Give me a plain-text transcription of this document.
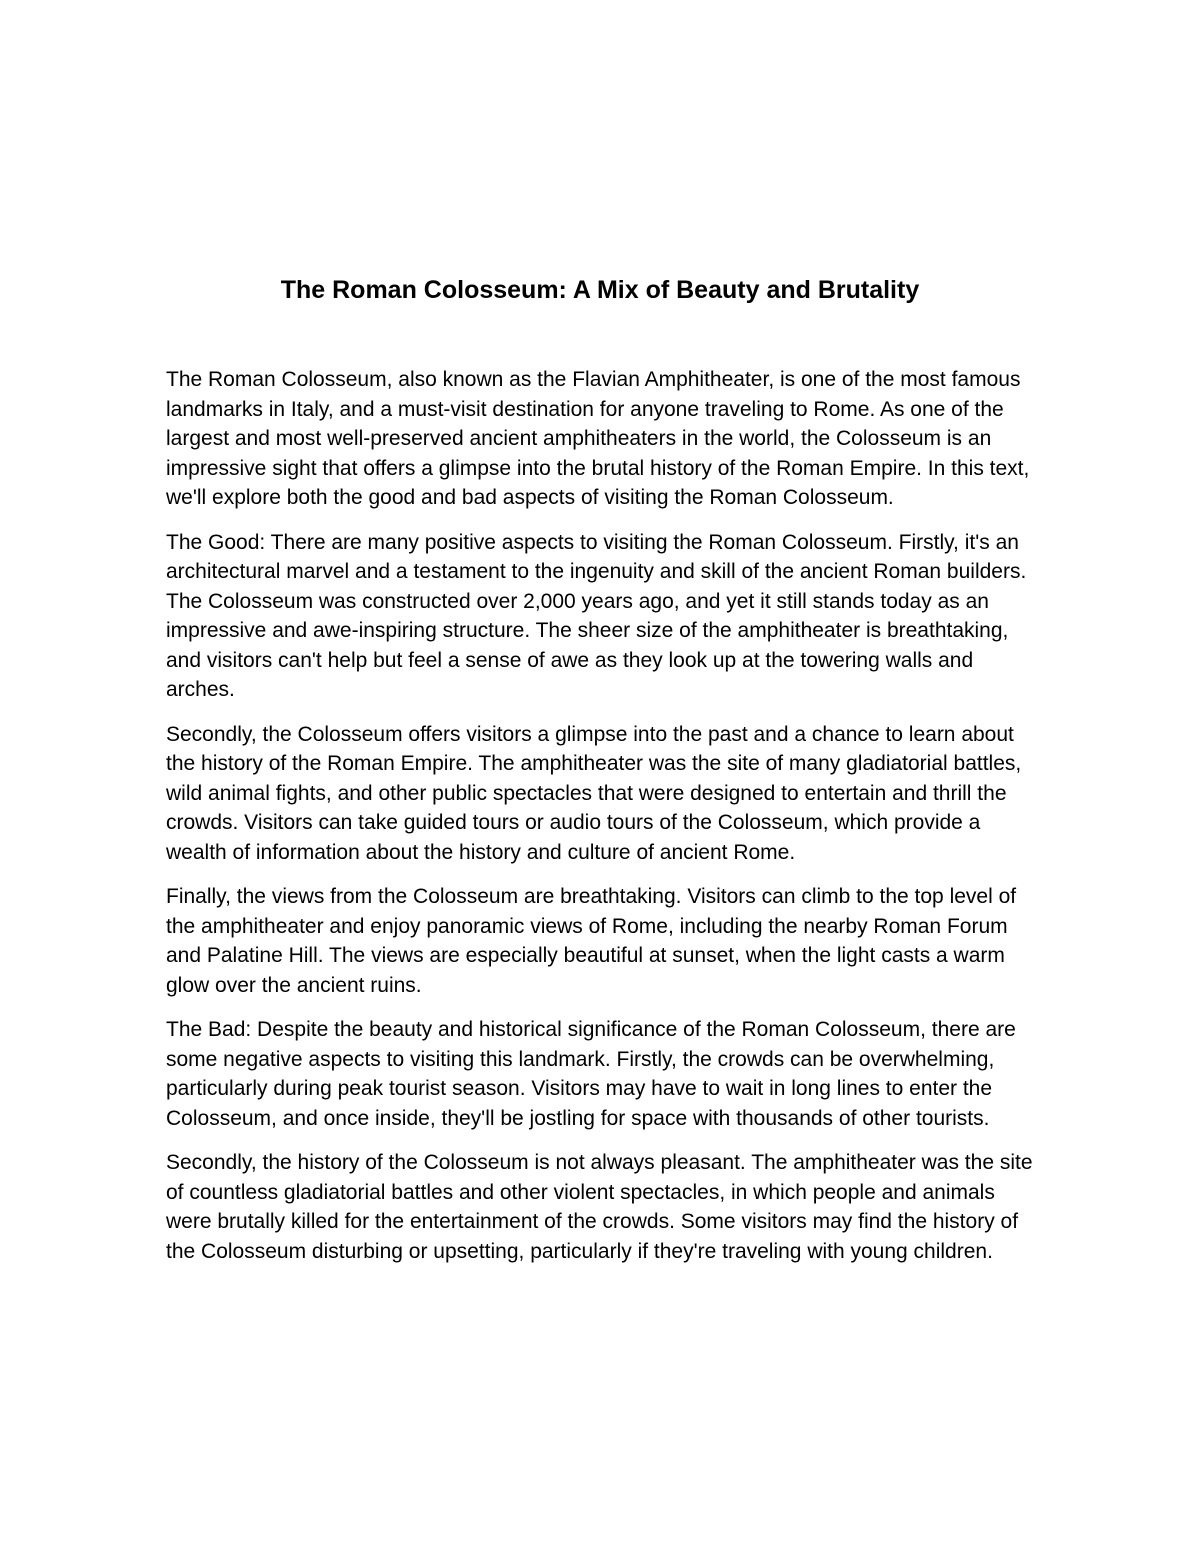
The Roman Colosseum: A Mix of Beauty and Brutality

The Roman Colosseum, also known as the Flavian Amphitheater, is one of the most famous landmarks in Italy, and a must-visit destination for anyone traveling to Rome. As one of the largest and most well-preserved ancient amphitheaters in the world, the Colosseum is an impressive sight that offers a glimpse into the brutal history of the Roman Empire. In this text, we'll explore both the good and bad aspects of visiting the Roman Colosseum.

The Good: There are many positive aspects to visiting the Roman Colosseum. Firstly, it's an architectural marvel and a testament to the ingenuity and skill of the ancient Roman builders. The Colosseum was constructed over 2,000 years ago, and yet it still stands today as an impressive and awe-inspiring structure. The sheer size of the amphitheater is breathtaking, and visitors can't help but feel a sense of awe as they look up at the towering walls and arches.

Secondly, the Colosseum offers visitors a glimpse into the past and a chance to learn about the history of the Roman Empire. The amphitheater was the site of many gladiatorial battles, wild animal fights, and other public spectacles that were designed to entertain and thrill the crowds. Visitors can take guided tours or audio tours of the Colosseum, which provide a wealth of information about the history and culture of ancient Rome.

Finally, the views from the Colosseum are breathtaking. Visitors can climb to the top level of the amphitheater and enjoy panoramic views of Rome, including the nearby Roman Forum and Palatine Hill. The views are especially beautiful at sunset, when the light casts a warm glow over the ancient ruins.

The Bad: Despite the beauty and historical significance of the Roman Colosseum, there are some negative aspects to visiting this landmark. Firstly, the crowds can be overwhelming, particularly during peak tourist season. Visitors may have to wait in long lines to enter the Colosseum, and once inside, they'll be jostling for space with thousands of other tourists.

Secondly, the history of the Colosseum is not always pleasant. The amphitheater was the site of countless gladiatorial battles and other violent spectacles, in which people and animals were brutally killed for the entertainment of the crowds. Some visitors may find the history of the Colosseum disturbing or upsetting, particularly if they're traveling with young children.
